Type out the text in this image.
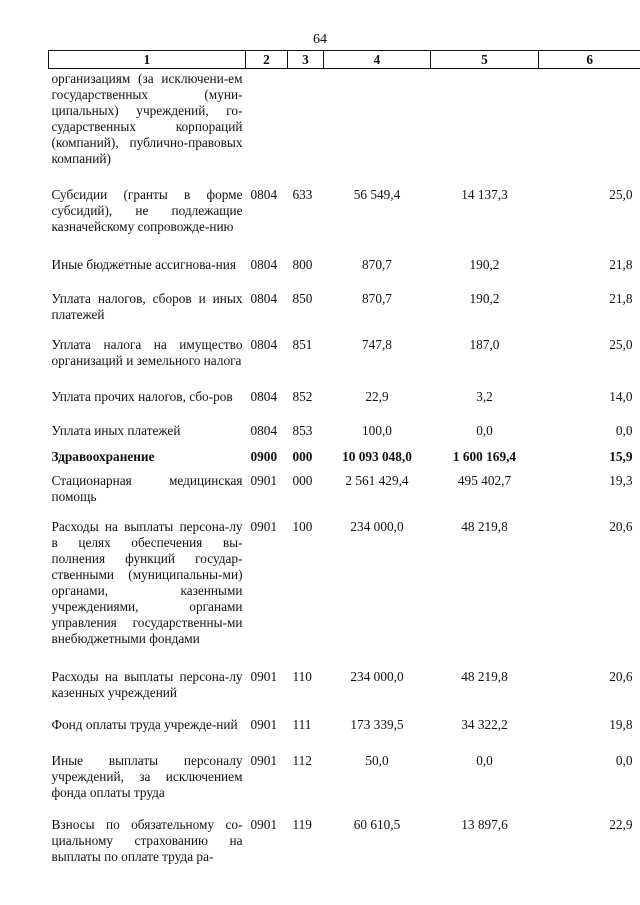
64
1	2	3	4	5	6
организациям (за исключени-ем государственных (муни-ципальных) учреждений, го-сударственных корпораций (компаний), публично-правовых компаний)					
Субсидии (гранты в форме субсидий), не подлежащие казначейскому сопровожде-нию	0804	633	56 549,4	14 137,3	25,0
Иные бюджетные ассигнова-ния	0804	800	870,7	190,2	21,8
Уплата налогов, сборов и иных платежей	0804	850	870,7	190,2	21,8
Уплата налога на имущество организаций и земельного налога	0804	851	747,8	187,0	25,0
Уплата прочих налогов, сбо-ров	0804	852	22,9	3,2	14,0
Уплата иных платежей	0804	853	100,0	0,0	0,0
Здравоохранение	0900	000	10 093 048,0	1 600 169,4	15,9
Стационарная медицинская помощь	0901	000	2 561 429,4	495 402,7	19,3
Расходы на выплаты персона-лу в целях обеспечения вы-полнения функций государ-ственными (муниципальны-ми) органами, казенными учреждениями, органами управления государственны-ми внебюджетными фондами	0901	100	234 000,0	48 219,8	20,6
Расходы на выплаты персона-лу казенных учреждений	0901	110	234 000,0	48 219,8	20,6
Фонд оплаты труда учрежде-ний	0901	111	173 339,5	34 322,2	19,8
Иные выплаты персоналу учреждений, за исключением фонда оплаты труда	0901	112	50,0	0,0	0,0
Взносы по обязательному со-циальному страхованию на выплаты по оплате труда ра-	0901	119	60 610,5	13 897,6	22,9
